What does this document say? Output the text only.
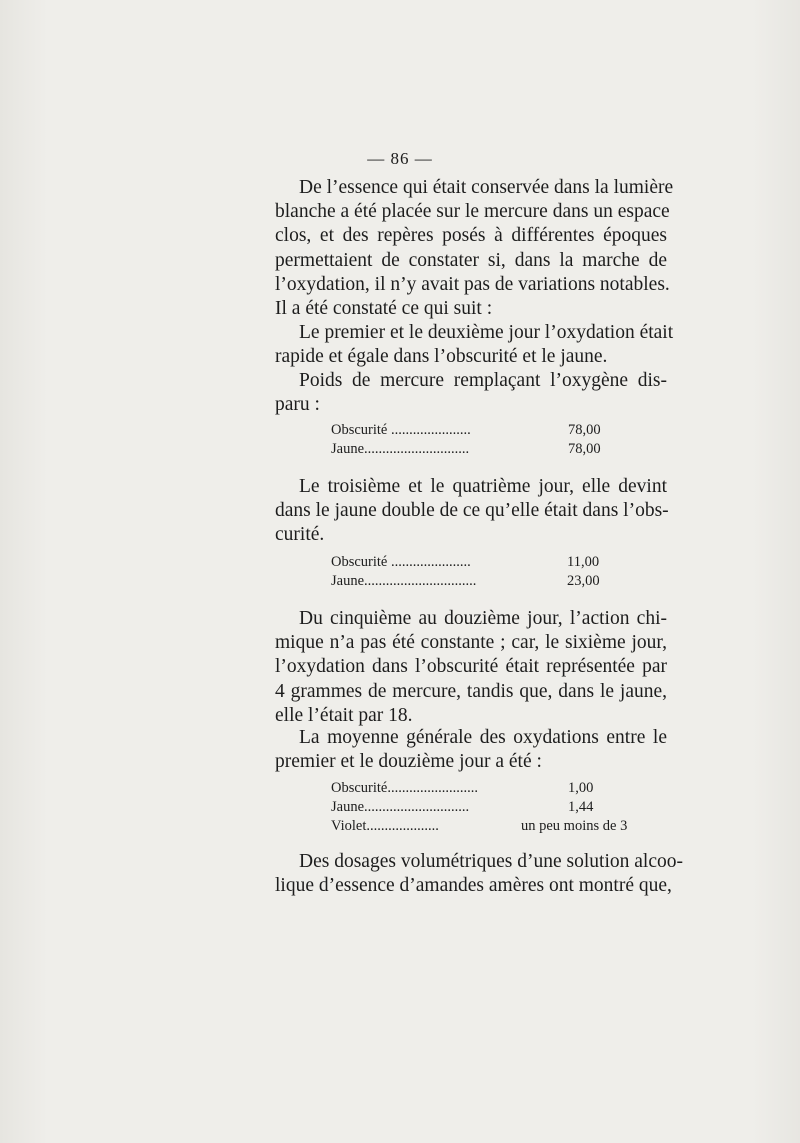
— 86 —
De l’essence qui était conservée dans la lumière
blanche a été placée sur le mercure dans un espace
clos, et des repères posés à différentes époques
permettaient de constater si, dans la marche de
l’oxydation, il n’y avait pas de variations notables.
Il a été constaté ce qui suit :
Le premier et le deuxième jour l’oxydation était
rapide et égale dans l’obscurité et le jaune.
Poids de mercure remplaçant l’oxygène dis-
paru :
Obscurité ......................	78,00
Jaune.............................	78,00
Le troisième et le quatrième jour, elle devint
dans le jaune double de ce qu’elle était dans l’obs-
curité.
Obscurité ......................	11,00
Jaune...............................	23,00
Du cinquième au douzième jour, l’action chi-
mique n’a pas été constante ; car, le sixième jour,
l’oxydation dans l’obscurité était représentée par
4 grammes de mercure, tandis que, dans le jaune,
elle l’était par 18.
La moyenne générale des oxydations entre le
premier et le douzième jour a été :
Obscurité.........................	1,00
Jaune.............................	1,44
Violet....................	un peu moins de 3
Des dosages volumétriques d’une solution alcoo-
lique d’essence d’amandes amères ont montré que,
